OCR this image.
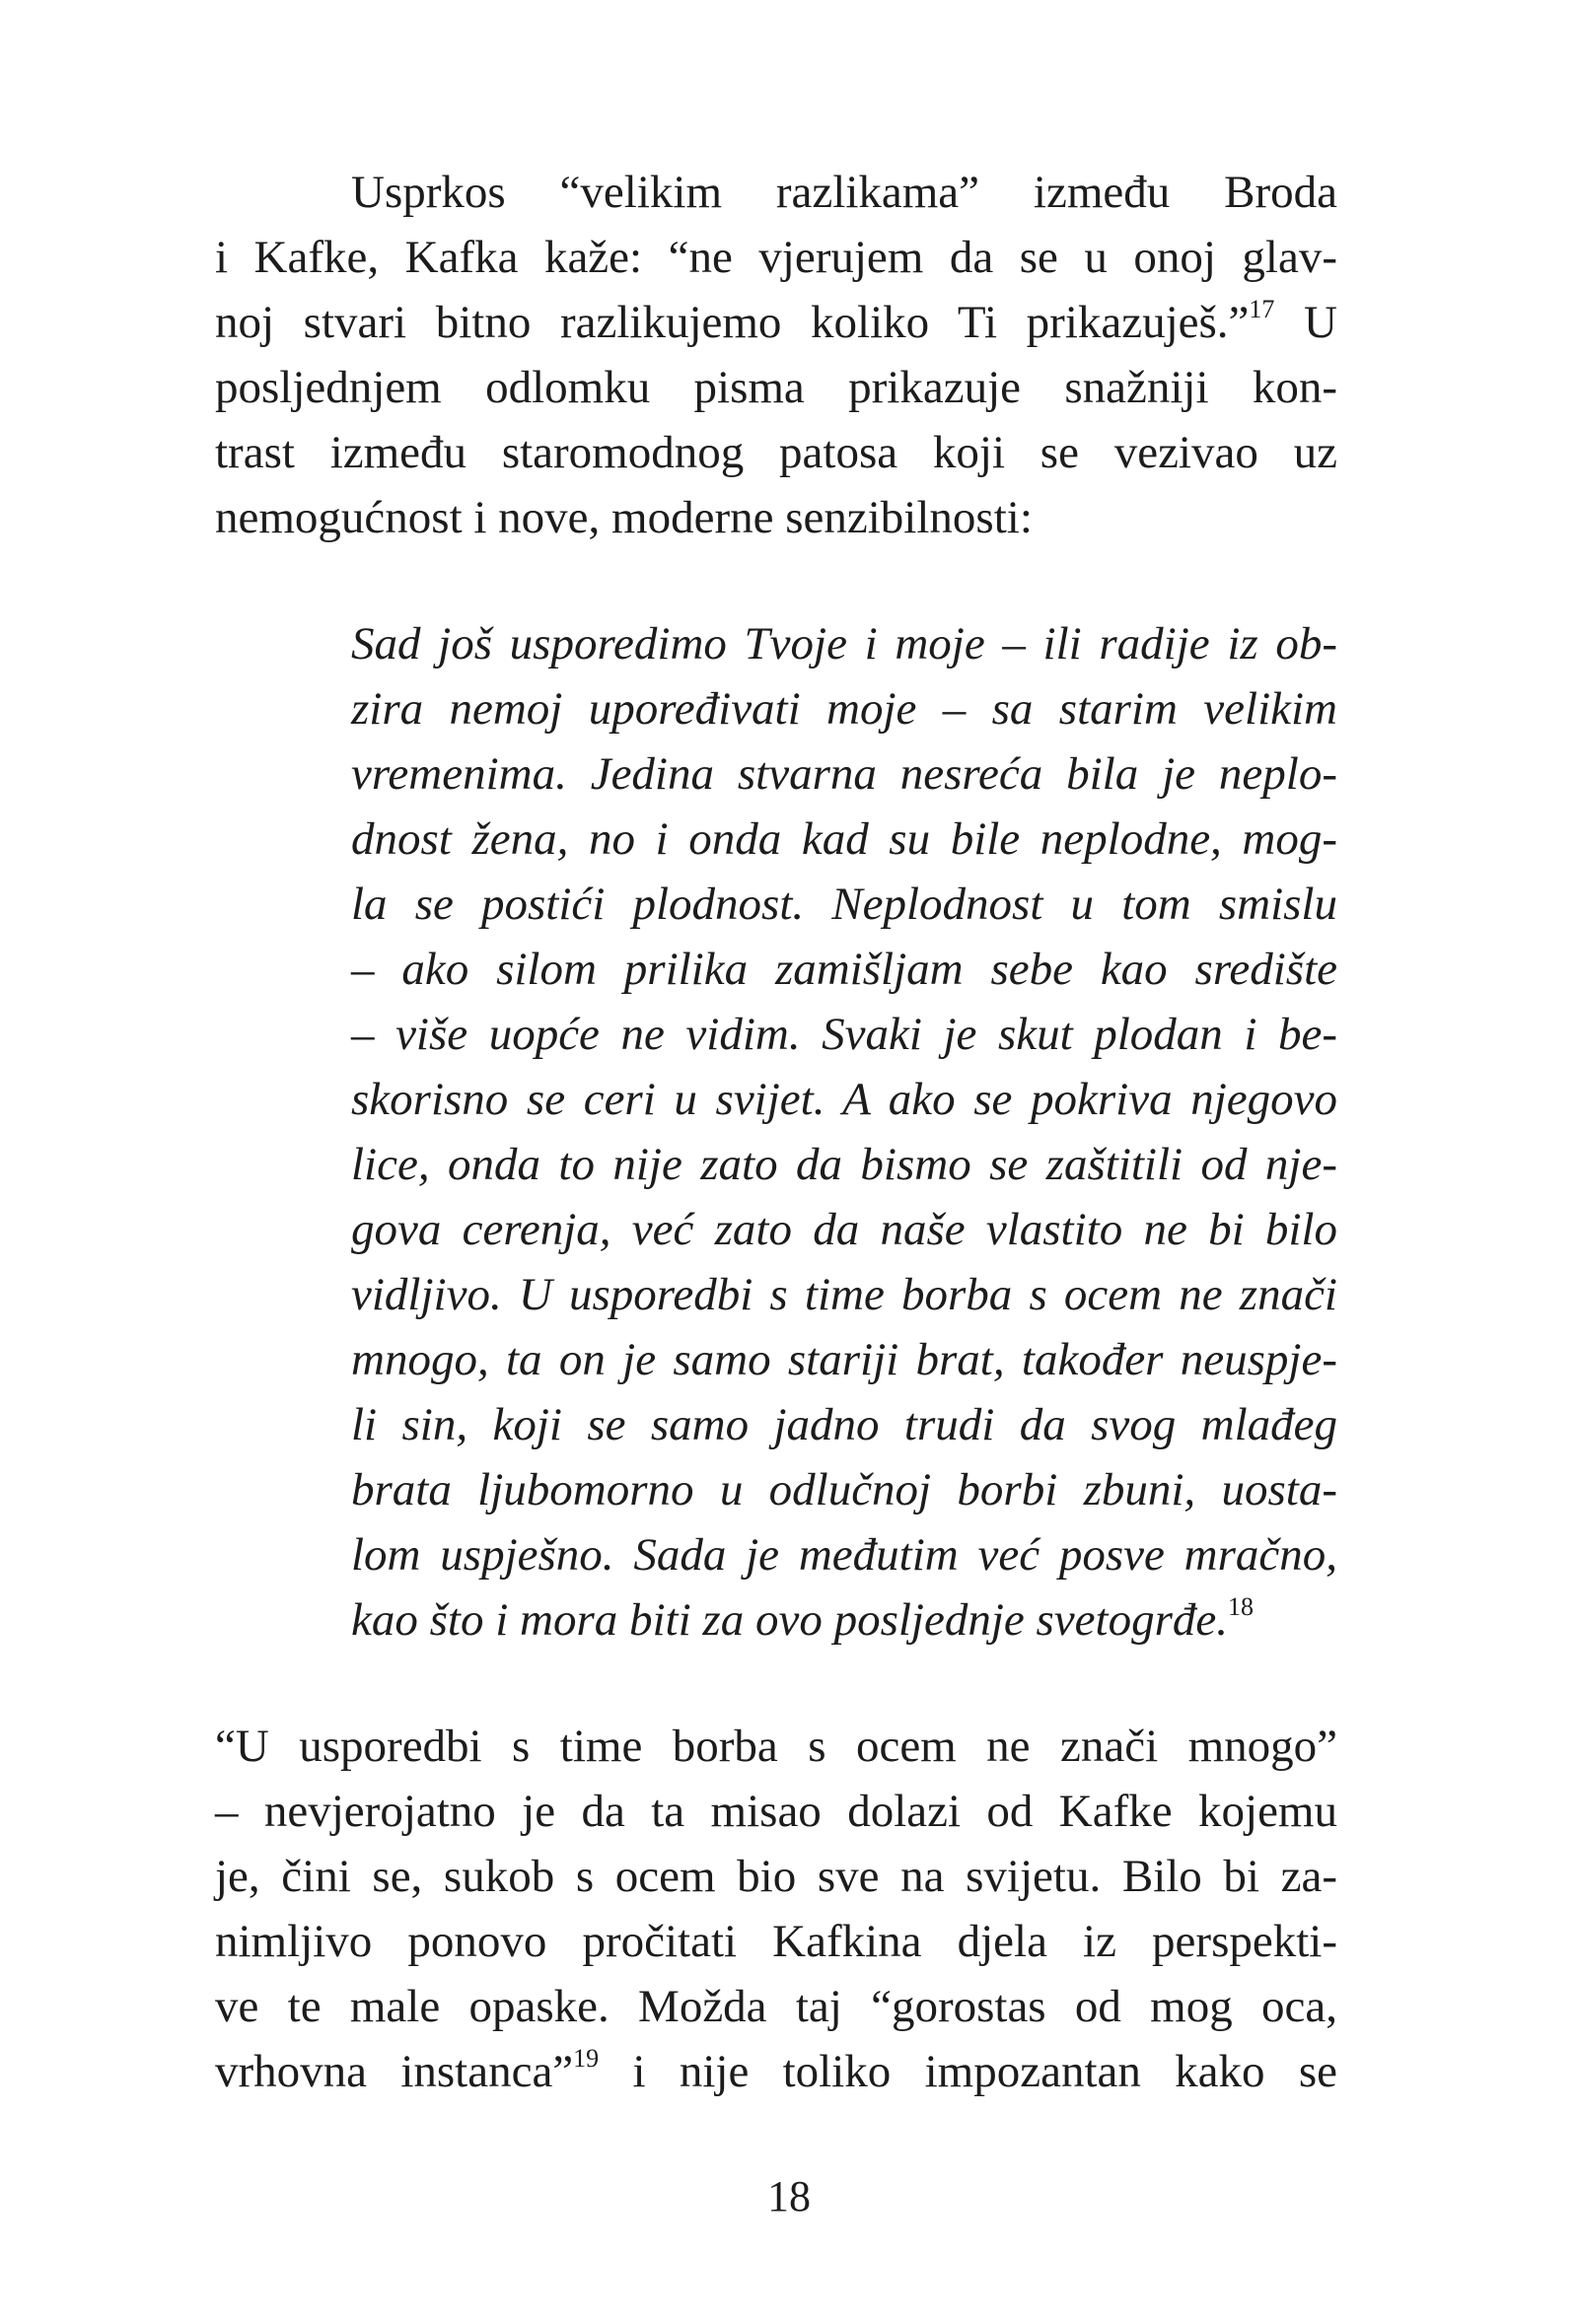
Usprkos “velikim razlikama” između Broda
i Kafke, Kafka kaže: “ne vjerujem da se u onoj glav-
noj stvari bitno razlikujemo koliko Ti prikazuješ.”$^{17}$ U
posljednjem odlomku pisma prikazuje snažniji kon-
trast između staromodnog patosa koji se vezivao uz
nemogućnost i nove, moderne senzibilnosti:
Sad još usporedimo Tvoje i moje – ili radije iz ob-
zira nemoj upoređivati moje – sa starim velikim
vremenima. Jedina stvarna nesreća bila je neplo-
dnost žena, no i onda kad su bile neplodne, mog-
la se postići plodnost. Neplodnost u tom smislu
– ako silom prilika zamišljam sebe kao središte
– više uopće ne vidim. Svaki je skut plodan i be-
skorisno se ceri u svijet. A ako se pokriva njegovo
lice, onda to nije zato da bismo se zaštitili od nje-
gova cerenja, već zato da naše vlastito ne bi bilo
vidljivo. U usporedbi s time borba s ocem ne znači
mnogo, ta on je samo stariji brat, također neuspje-
li sin, koji se samo jadno trudi da svog mlađeg
brata ljubomorno u odlučnoj borbi zbuni, uosta-
lom uspješno. Sada je međutim već posve mračno,
kao što i mora biti za ovo posljednje svetogrđe.$^{18}$
“U usporedbi s time borba s ocem ne znači mnogo”
– nevjerojatno je da ta misao dolazi od Kafke kojemu
je, čini se, sukob s ocem bio sve na svijetu. Bilo bi za-
nimljivo ponovo pročitati Kafkina djela iz perspekti-
ve te male opaske. Možda taj “gorostas od mog oca,
vrhovna instanca”$^{19}$ i nije toliko impozantan kako se
18
